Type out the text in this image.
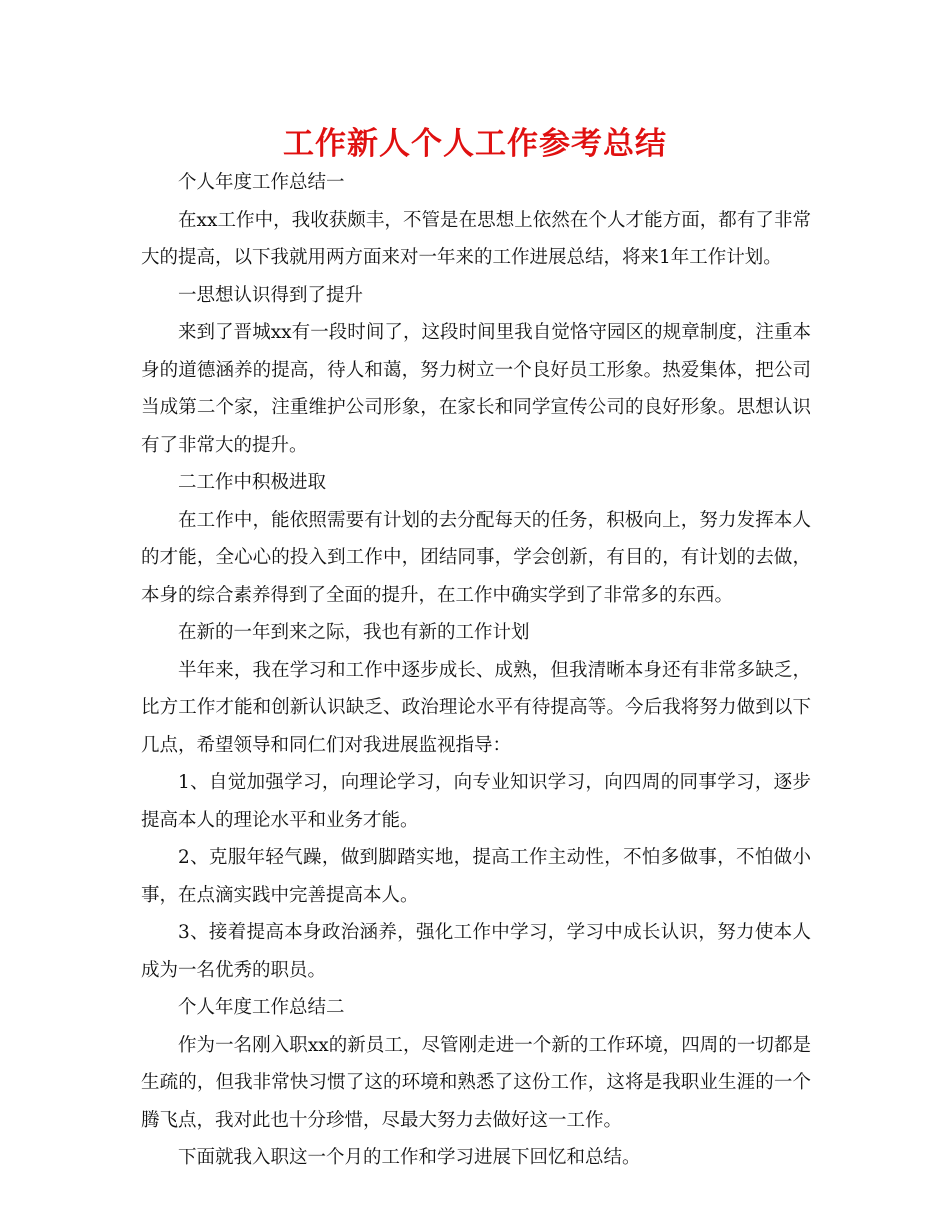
工作新人个人工作参考总结

个人年度工作总结一

在xx工作中，我收获颇丰，不管是在思想上依然在个人才能方面，都有了非常大的提高，以下我就用两方面来对一年来的工作进展总结，将来1年工作计划。

一思想认识得到了提升

来到了晋城xx有一段时间了，这段时间里我自觉恪守园区的规章制度，注重本身的道德涵养的提高，待人和蔼，努力树立一个良好员工形象。热爱集体，把公司当成第二个家，注重维护公司形象，在家长和同学宣传公司的良好形象。思想认识有了非常大的提升。

二工作中积极进取

在工作中，能依照需要有计划的去分配每天的任务，积极向上，努力发挥本人的才能，全心心的投入到工作中，团结同事，学会创新，有目的，有计划的去做，本身的综合素养得到了全面的提升，在工作中确实学到了非常多的东西。

在新的一年到来之际，我也有新的工作计划

半年来，我在学习和工作中逐步成长、成熟，但我清晰本身还有非常多缺乏，比方工作才能和创新认识缺乏、政治理论水平有待提高等。今后我将努力做到以下几点，希望领导和同仁们对我进展监视指导：

1、自觉加强学习，向理论学习，向专业知识学习，向四周的同事学习，逐步提高本人的理论水平和业务才能。

2、克服年轻气躁，做到脚踏实地，提高工作主动性，不怕多做事，不怕做小事，在点滴实践中完善提高本人。

3、接着提高本身政治涵养，强化工作中学习，学习中成长认识，努力使本人成为一名优秀的职员。

个人年度工作总结二

作为一名刚入职xx的新员工，尽管刚走进一个新的工作环境，四周的一切都是生疏的，但我非常快习惯了这的环境和熟悉了这份工作，这将是我职业生涯的一个腾飞点，我对此也十分珍惜，尽最大努力去做好这一工作。

下面就我入职这一个月的工作和学习进展下回忆和总结。
